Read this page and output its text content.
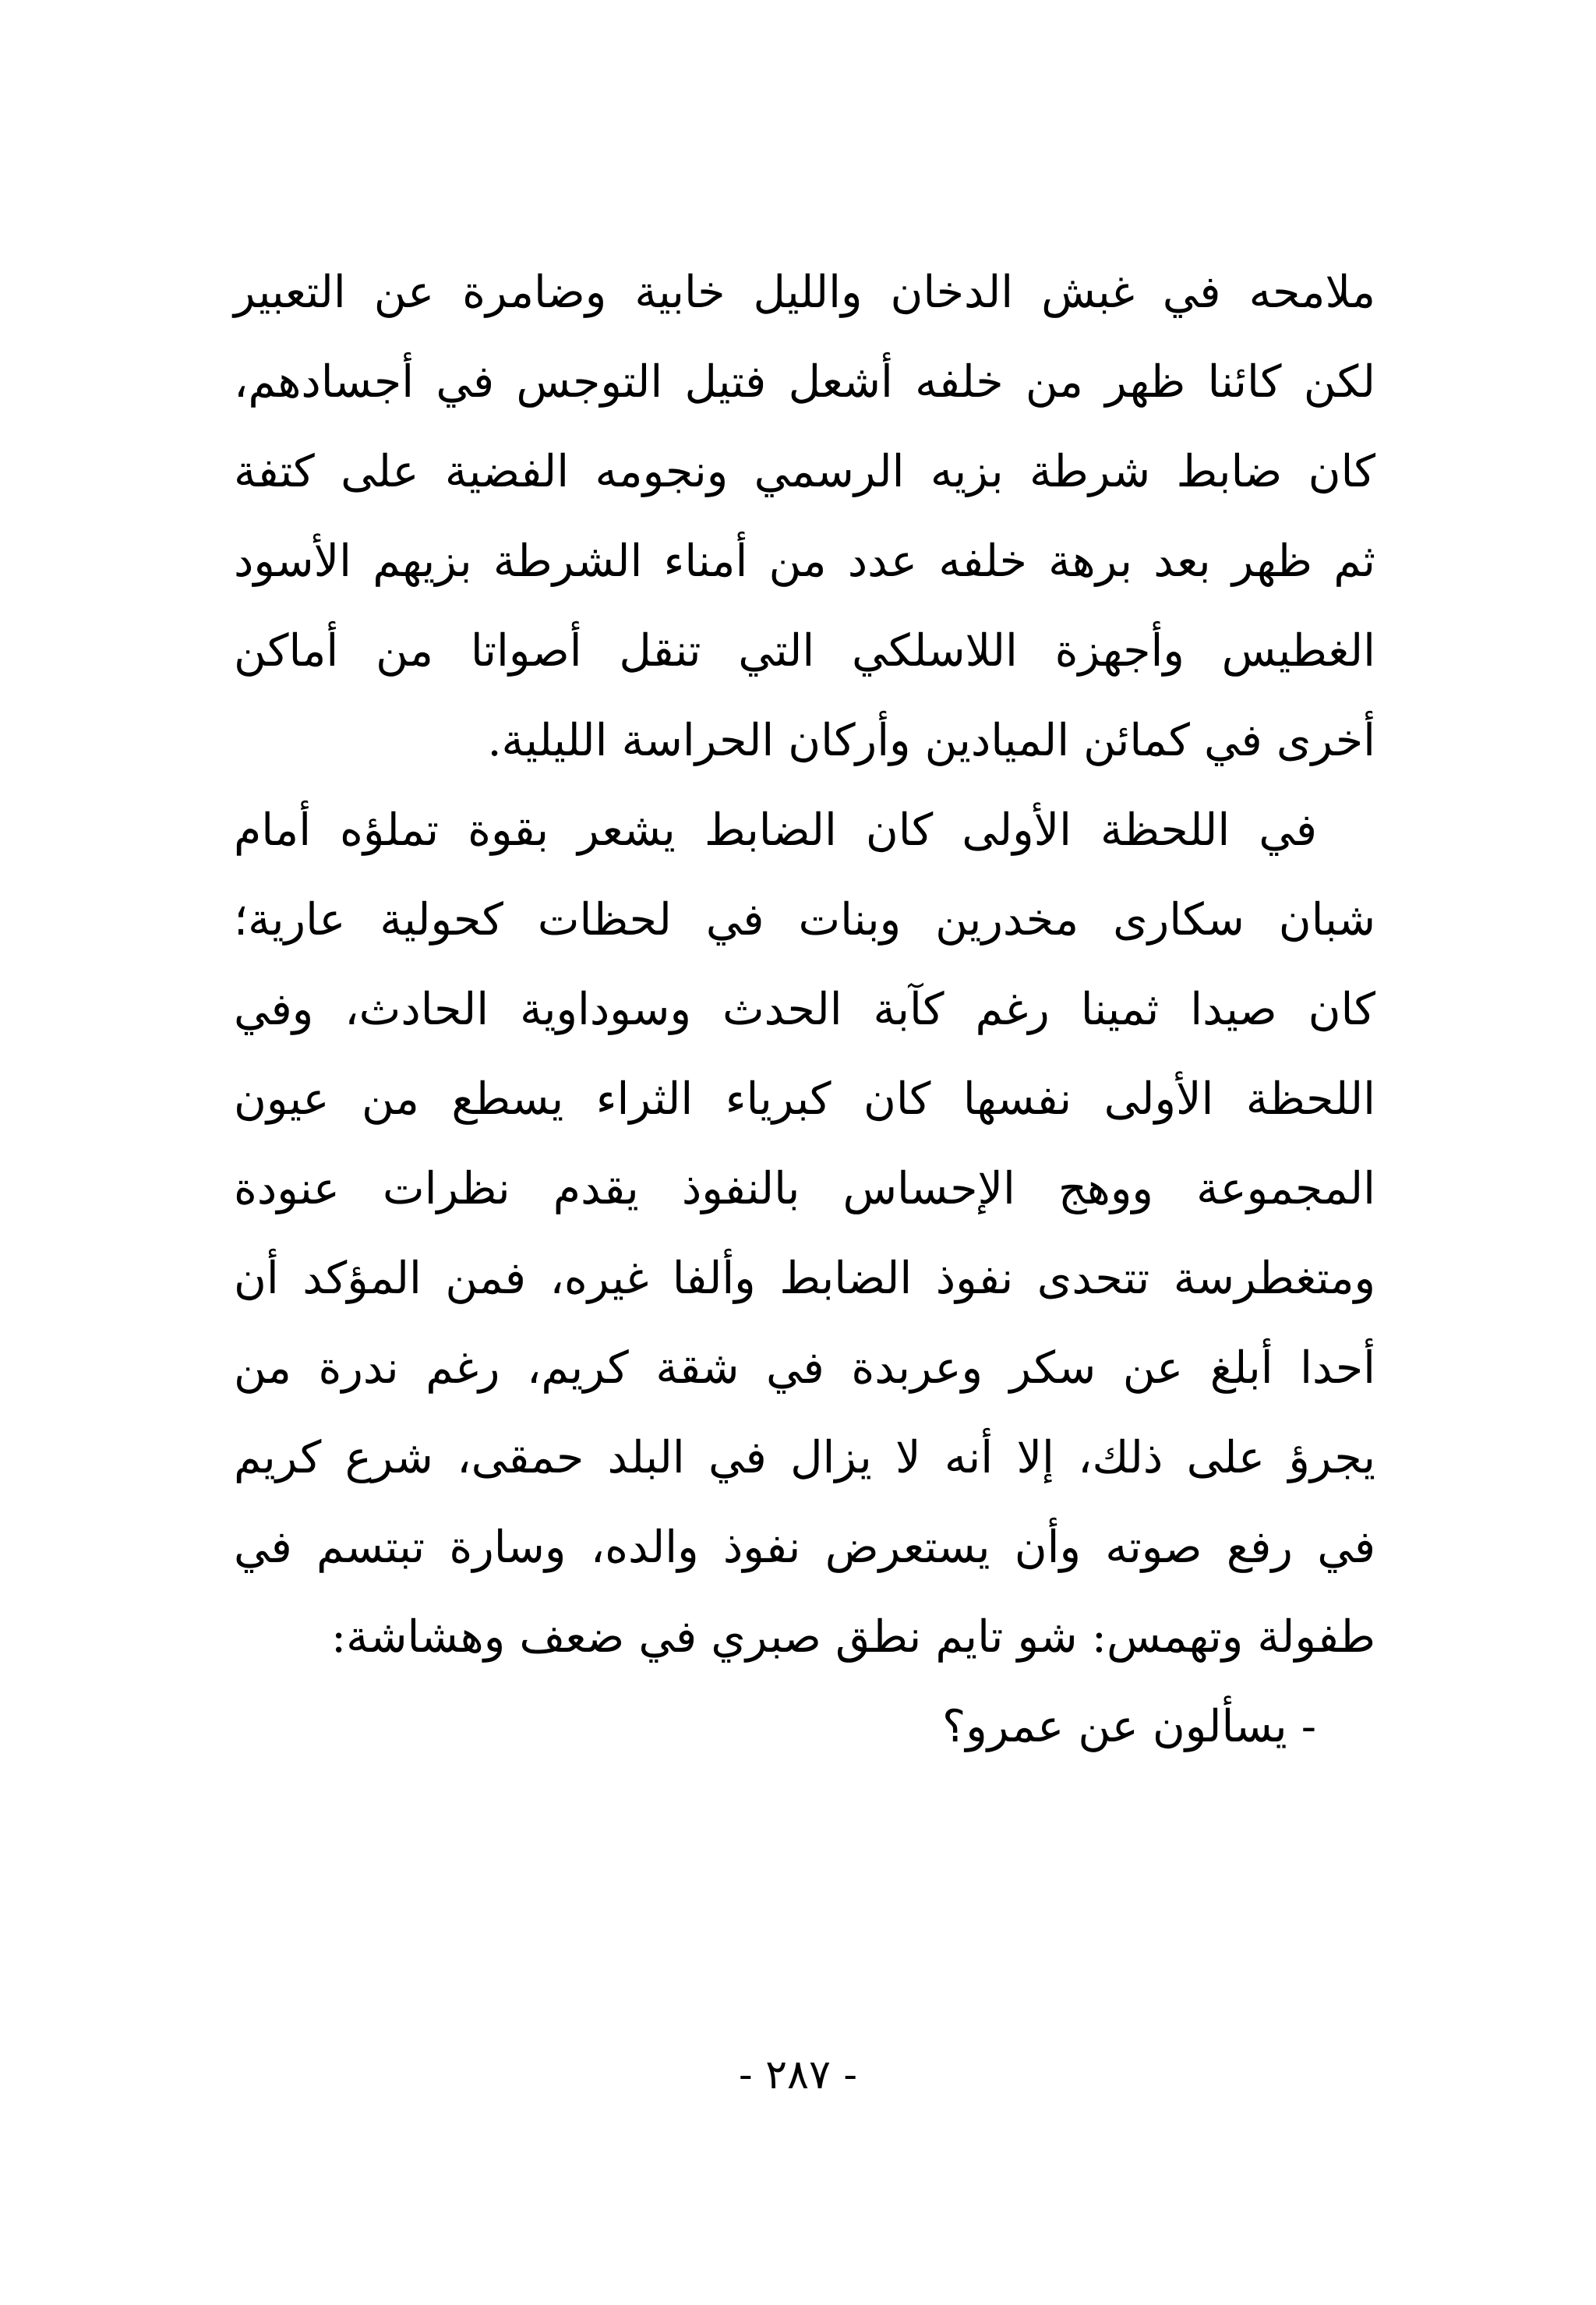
ملامحه في غبش الدخان والليل خابية وضامرة عن التعبير
لكن كائنا ظهر من خلفه أشعل فتيل التوجس في أجسادهم،
كان ضابط شرطة بزيه الرسمي ونجومه الفضية على كتفة
ثم ظهر بعد برهة خلفه عدد من أمناء الشرطة بزيهم الأسود
الغطيس وأجهزة اللاسلكي التي تنقل أصواتا من أماكن
أخرى في كمائن الميادين وأركان الحراسة الليلية.
في اللحظة الأولى كان الضابط يشعر بقوة تملؤه أمام
شبان سكارى مخدرين وبنات في لحظات كحولية عارية؛
كان صيدا ثمينا رغم كآبة الحدث وسوداوية الحادث، وفي
اللحظة الأولى نفسها كان كبرياء الثراء يسطع من عيون
المجموعة ووهج الإحساس بالنفوذ يقدم نظرات عنودة
ومتغطرسة تتحدى نفوذ الضابط وألفا غيره، فمن المؤكد أن
أحدا أبلغ عن سكر وعربدة في شقة كريم، رغم ندرة من
يجرؤ على ذلك، إلا أنه لا يزال في البلد حمقى، شرع كريم
في رفع صوته وأن يستعرض نفوذ والده، وسارة تبتسم في
طفولة وتهمس: شو تايم نطق صبري في ضعف وهشاشة:
- يسألون عن عمرو؟
- ٢٨٧ -
